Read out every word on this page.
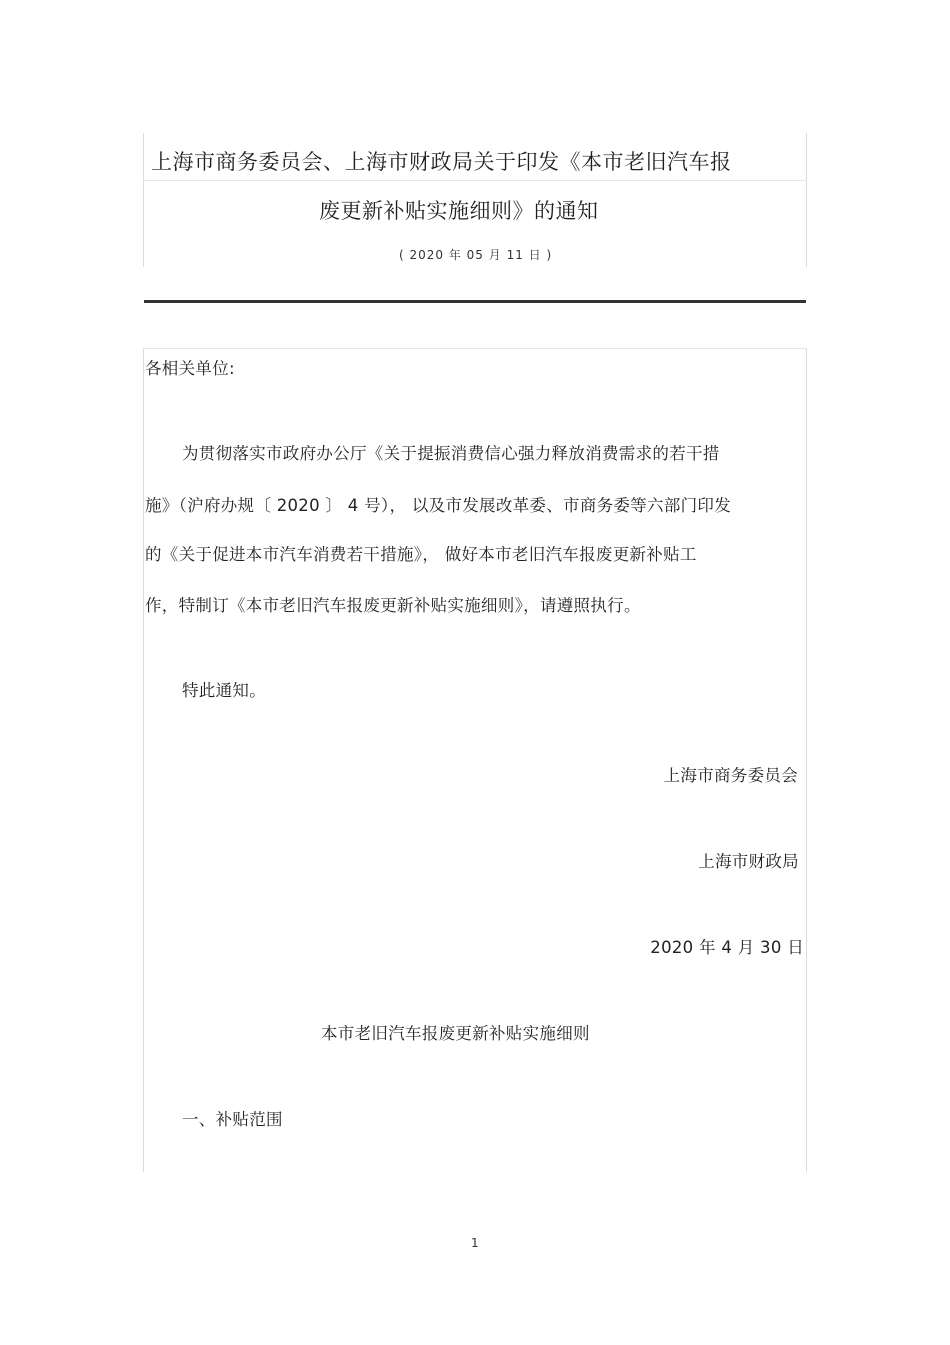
上海市商务委员会、上海市财政局关于印发《本市老旧汽车报
废更新补贴实施细则》的通知
( 2020 年 05 月 11 日 )
各相关单位:
为贯彻落实市政府办公厅《关于提振消费信心强力释放消费需求的若干措
施》（沪府办规〔 2020 〕 4 号）， 以及市发展改革委、市商务委等六部门印发
的《关于促进本市汽车消费若干措施》， 做好本市老旧汽车报废更新补贴工
作，特制订《本市老旧汽车报废更新补贴实施细则》，请遵照执行。
特此通知。
上海市商务委员会
上海市财政局
2020 年 4 月 30 日
本市老旧汽车报废更新补贴实施细则
一、补贴范围
1
